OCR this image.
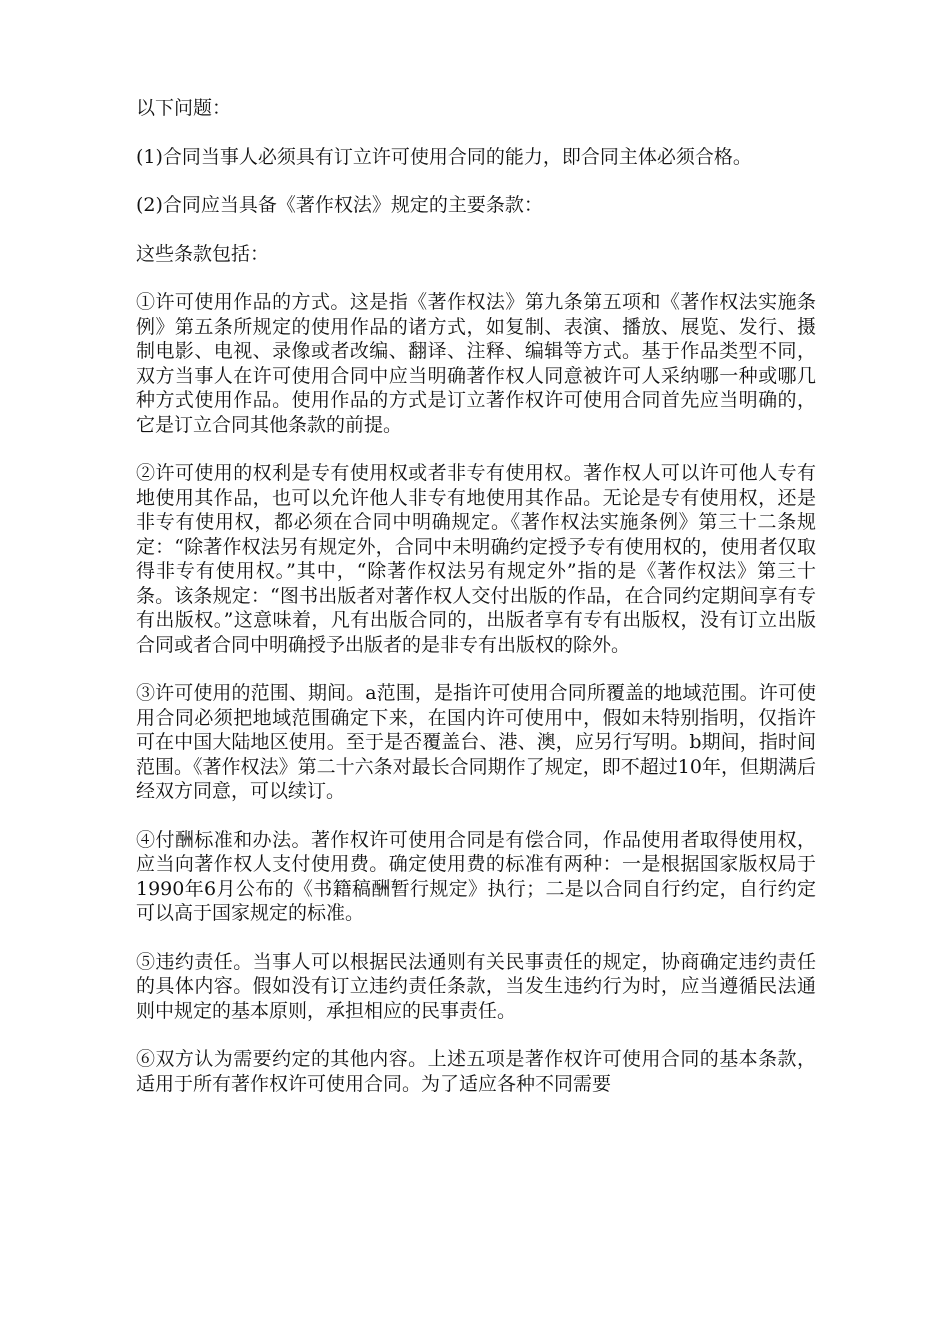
以下问题：

(1)合同当事人必须具有订立许可使用合同的能力，即合同主体必须合格。

(2)合同应当具备《著作权法》规定的主要条款：

这些条款包括：

①许可使用作品的方式。这是指《著作权法》第九条第五项和《著作权法实施条例》第五条所规定的使用作品的诸方式，如复制、表演、播放、展览、发行、摄制电影、电视、录像或者改编、翻译、注释、编辑等方式。基于作品类型不同，双方当事人在许可使用合同中应当明确著作权人同意被许可人采纳哪一种或哪几种方式使用作品。使用作品的方式是订立著作权许可使用合同首先应当明确的，它是订立合同其他条款的前提。

②许可使用的权利是专有使用权或者非专有使用权。著作权人可以许可他人专有地使用其作品，也可以允许他人非专有地使用其作品。无论是专有使用权，还是非专有使用权，都必须在合同中明确规定。《著作权法实施条例》第三十二条规定：“除著作权法另有规定外，合同中未明确约定授予专有使用权的，使用者仅取得非专有使用权。”其中，“除著作权法另有规定外”指的是《著作权法》第三十条。该条规定：“图书出版者对著作权人交付出版的作品，在合同约定期间享有专有出版权。”这意味着，凡有出版合同的，出版者享有专有出版权，没有订立出版合同或者合同中明确授予出版者的是非专有出版权的除外。

③许可使用的范围、期间。a范围，是指许可使用合同所覆盖的地域范围。许可使用合同必须把地域范围确定下来，在国内许可使用中，假如未特别指明，仅指许可在中国大陆地区使用。至于是否覆盖台、港、澳，应另行写明。b期间，指时间范围。《著作权法》第二十六条对最长合同期作了规定，即不超过10年，但期满后经双方同意，可以续订。

④付酬标准和办法。著作权许可使用合同是有偿合同，作品使用者取得使用权，应当向著作权人支付使用费。确定使用费的标准有两种：一是根据国家版权局于1990年6月公布的《书籍稿酬暂行规定》执行；二是以合同自行约定，自行约定可以高于国家规定的标准。

⑤违约责任。当事人可以根据民法通则有关民事责任的规定，协商确定违约责任的具体内容。假如没有订立违约责任条款，当发生违约行为时，应当遵循民法通则中规定的基本原则，承担相应的民事责任。

⑥双方认为需要约定的其他内容。上述五项是著作权许可使用合同的基本条款，适用于所有著作权许可使用合同。为了适应各种不同需要
